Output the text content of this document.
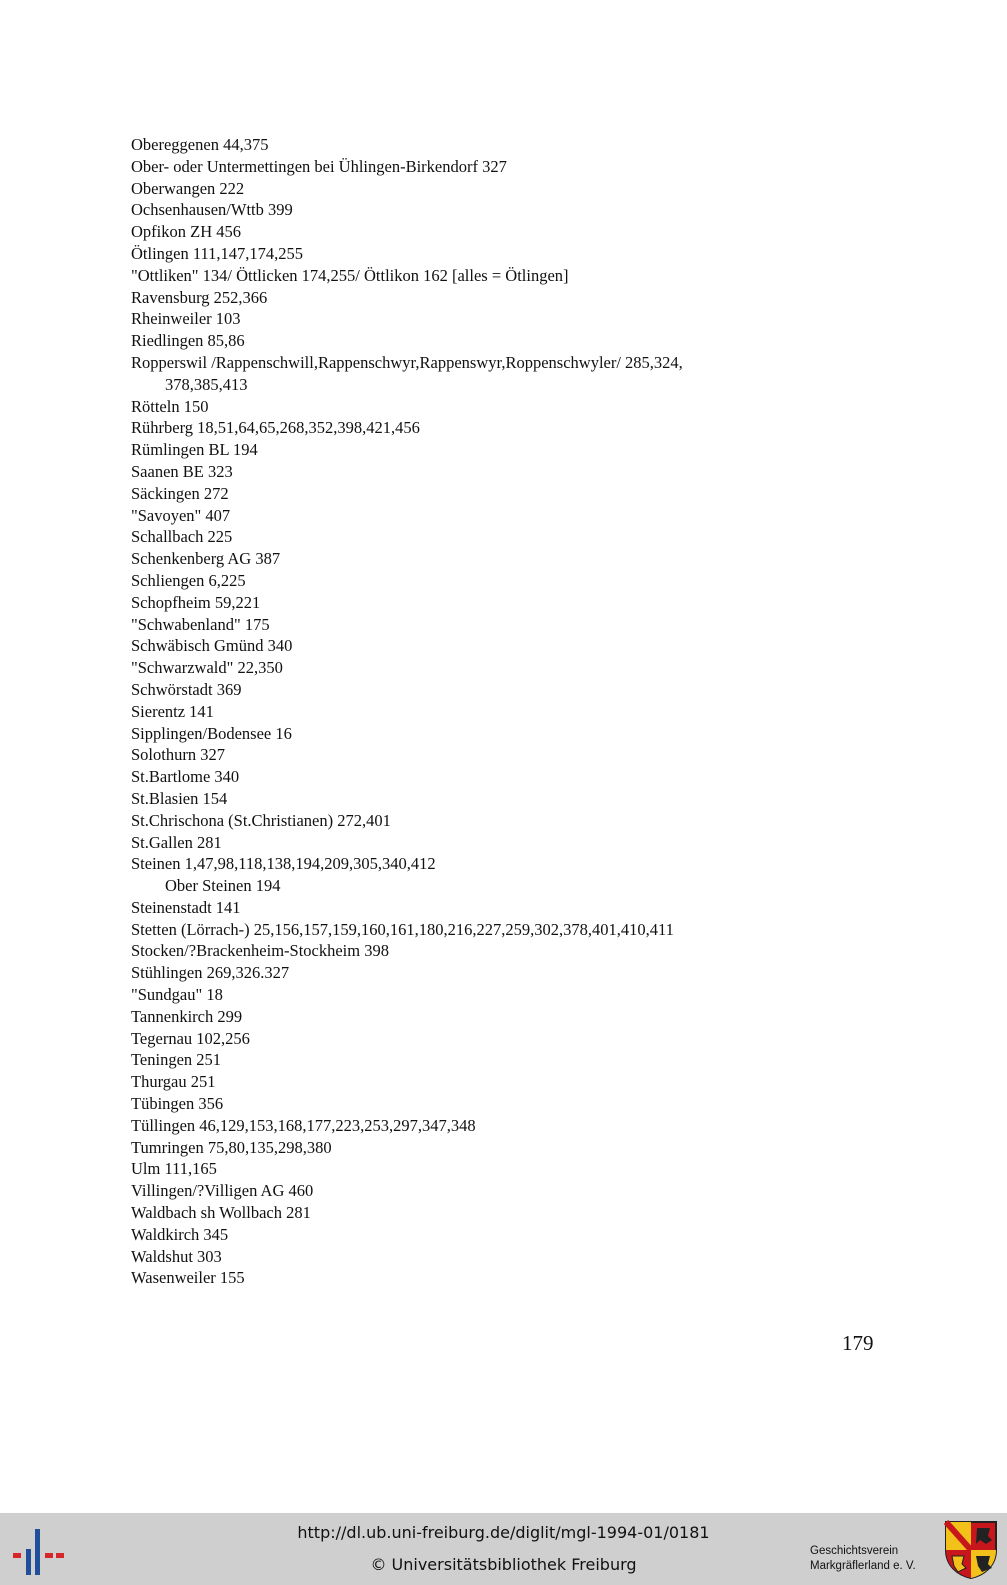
Obereggenen 44,375
Ober- oder Untermettingen bei Ühlingen-Birkendorf 327
Oberwangen 222
Ochsenhausen/Wttb 399
Opfikon ZH 456
Ötlingen 111,147,174,255
"Ottliken" 134/ Öttlicken 174,255/ Öttlikon 162 [alles = Ötlingen]
Ravensburg 252,366
Rheinweiler 103
Riedlingen 85,86
Ropperswil /Rappenschwill,Rappenschwyr,Rappenswyr,Roppenschwyler/ 285,324,
378,385,413
Rötteln 150
Rührberg 18,51,64,65,268,352,398,421,456
Rümlingen BL 194
Saanen BE 323
Säckingen 272
"Savoyen" 407
Schallbach 225
Schenkenberg AG 387
Schliengen 6,225
Schopfheim 59,221
"Schwabenland" 175
Schwäbisch Gmünd 340
"Schwarzwald" 22,350
Schwörstadt 369
Sierentz 141
Sipplingen/Bodensee 16
Solothurn 327
St.Bartlome 340
St.Blasien 154
St.Chrischona (St.Christianen) 272,401
St.Gallen 281
Steinen 1,47,98,118,138,194,209,305,340,412
Ober Steinen 194
Steinenstadt 141
Stetten (Lörrach-) 25,156,157,159,160,161,180,216,227,259,302,378,401,410,411
Stocken/?Brackenheim-Stockheim 398
Stühlingen 269,326.327
"Sundgau" 18
Tannenkirch 299
Tegernau 102,256
Teningen 251
Thurgau 251
Tübingen 356
Tüllingen 46,129,153,168,177,223,253,297,347,348
Tumringen 75,80,135,298,380
Ulm 111,165
Villingen/?Villigen AG 460
Waldbach sh Wollbach 281
Waldkirch 345
Waldshut 303
Wasenweiler 155
179
http://dl.ub.uni-freiburg.de/diglit/mgl-1994-01/0181
© Universitätsbibliothek Freiburg
Geschichtsverein
Markgräflerland e. V.
